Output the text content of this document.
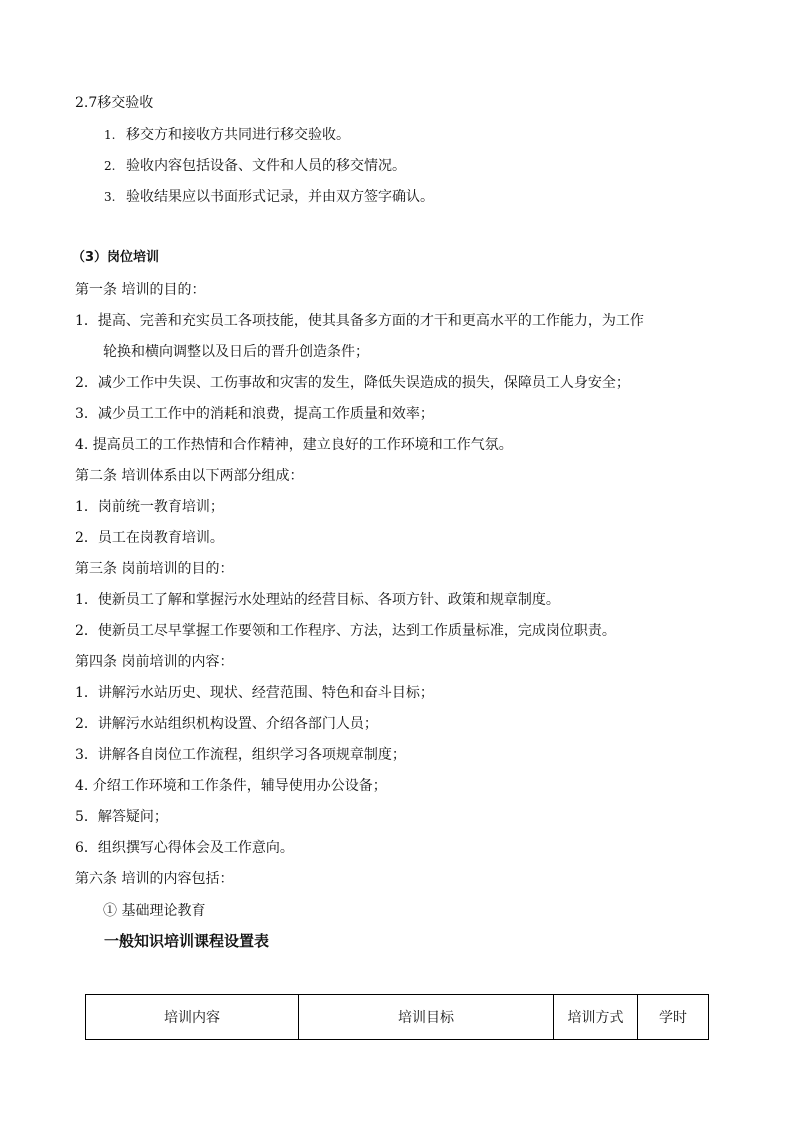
2.7移交验收
1. 移交方和接收方共同进行移交验收。
2. 验收内容包括设备、文件和人员的移交情况。
3. 验收结果应以书面形式记录，并由双方签字确认。
（3）岗位培训
第一条 培训的目的：
1．提高、完善和充实员工各项技能，使其具备多方面的才干和更高水平的工作能力，为工作
轮换和横向调整以及日后的晋升创造条件；
2．减少工作中失误、工伤事故和灾害的发生，降低失误造成的损失，保障员工人身安全；
3．减少员工工作中的消耗和浪费，提高工作质量和效率；
4. 提高员工的工作热情和合作精神，建立良好的工作环境和工作气氛。
第二条 培训体系由以下两部分组成：
1．岗前统一教育培训；
2．员工在岗教育培训。
第三条 岗前培训的目的：
1．使新员工了解和掌握污水处理站的经营目标、各项方针、政策和规章制度。
2．使新员工尽早掌握工作要领和工作程序、方法，达到工作质量标准，完成岗位职责。
第四条 岗前培训的内容：
1．讲解污水站历史、现状、经营范围、特色和奋斗目标；
2．讲解污水站组织机构设置、介绍各部门人员；
3．讲解各自岗位工作流程，组织学习各项规章制度；
4. 介绍工作环境和工作条件，辅导使用办公设备；
5．解答疑问；
6．组织撰写心得体会及工作意向。
第六条 培训的内容包括：
① 基础理论教育
一般知识培训课程设置表
培训内容	培训目标	培训方式	学时
